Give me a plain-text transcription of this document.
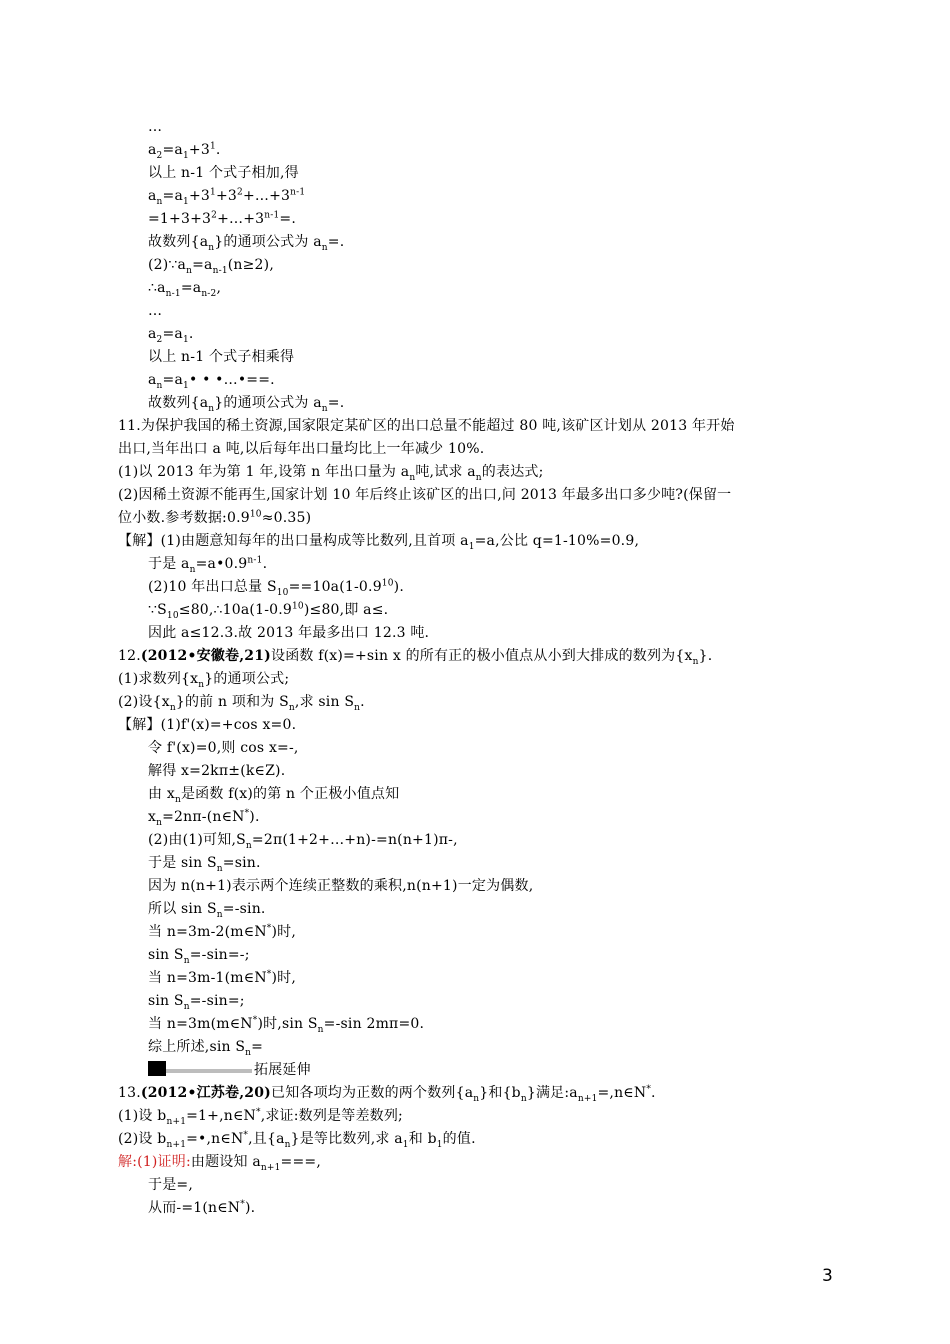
…
$a_2=a_1+3^1$.
以上 n-1 个式子相加,得
$a_n=a_1+3^1+3^2+\dots+3^{n-1}$
$=1+3+3^2+\dots+3^{n-1}=$.
故数列$\{a_n\}$的通项公式为 $a_n=$.
$(2)\because a_n=a_{n-1}(n\ge 2)$,
$\therefore a_{n-1}=a_{n-2}$,
…
$a_2=a_1$.
以上 n-1 个式子相乘得
$a_n=a_1•$ • •…•==.
故数列$\{a_n\}$的通项公式为 $a_n=$.
11.为保护我国的稀土资源,国家限定某矿区的出口总量不能超过 80 吨,该矿区计划从 2013 年开始
出口,当年出口 a 吨,以后每年出口量均比上一年减少 10%.
(1)以 2013 年为第 1 年,设第 n 年出口量为 $a_n$吨,试求 $a_n$的表达式;
(2)因稀土资源不能再生,国家计划 10 年后终止该矿区的出口,问 2013 年最多出口多少吨?(保留一
位小数.参考数据$:0.9^{10}\approx 0.35$)
【解】(1)由题意知每年的出口量构成等比数列,且首项 $a_1=a$,公比 q=1-10%=0.9,
于是 $a_n=a•0.9^{n-1}$.
(2)10 年出口总量 $S_{10}==10a(1-0.9^{10})$.
$\because S_{10}\le 80,\therefore 10a(1-0.9^{10})\le 80$,即 a≤.
因此 a≤12.3.故 2013 年最多出口 12.3 吨.
12.(2012•安徽卷,21)设函数 f(x)=+sin x 的所有正的极小值点从小到大排成的数列为$\{x_n\}$.
(1)求数列$\{x_n\}$的通项公式;
(2)设$\{x_n\}$的前 n 项和为 $S_n$,求 $\sin S_n$.
【解】(1)f'(x)=+cos x=0.
令 f'(x)=0,则 cos x=-,
解得 x=2kπ±(k∈Z).
由 $x_n$是函数 f(x)的第 n 个正极小值点知
$x_n=2n\pi-(n\in N^*)$.
(2)由(1)可知$,S_n=2\pi(1+2+\dots+n)-=n(n+1)\pi-$,
于是 $\sin S_n=\sin$.
因为 n(n+1)表示两个连续正整数的乘积,n(n+1)一定为偶数,
所以 $\sin S_n=-\sin$.
当 n=3m-2(m∈N*)时,
$\sin S_n=-\sin=-$;
当 n=3m-1(m∈N*)时,
$\sin S_n=-\sin=$;
当 n=3m(m∈N*)时,sin $S_n=-\sin$ 2mπ=0.
综上所述,sin $S_n=$
拓展延伸
13.(2012•江苏卷,20)已知各项均为正数的两个数列$\{a_n\}$和$\{b_n\}$满足$:a_{n+1}=,n\in N^*$.
(1)设 $b_{n+1}=1+,n\in N^*$,求证:数列是等差数列;
(2)设 $b_{n+1}=•,n\in N^*$,且$\{a_n\}$是等比数列,求 $a_1$和 $b_1$的值.
解:(1)证明:由题设知 $a_{n+1}===$,
于是=,
从而-=1(n∈N*).
3
